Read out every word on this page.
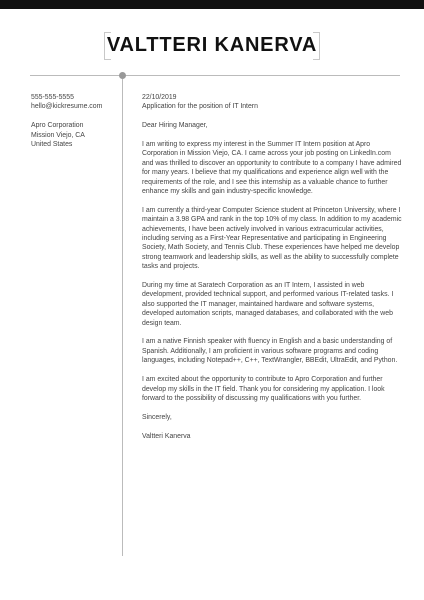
VALTTERI KANERVA
555-555-5555
hello@kickresume.com
Apro Corporation
Mission Viejo, CA
United States

22/10/2019

Application for the position of IT Intern

Dear Hiring Manager,

I am writing to express my interest in the Summer IT Intern position at Apro Corporation in Mission Viejo, CA. I came across your job posting on LinkedIn.com and was thrilled to discover an opportunity to contribute to a company I have admired for many years. I believe that my qualifications and experience align well with the requirements of the role, and I see this internship as a valuable chance to further enhance my skills and gain industry-specific knowledge.

I am currently a third-year Computer Science student at Princeton University, where I maintain a 3.98 GPA and rank in the top 10% of my class. In addition to my academic achievements, I have been actively involved in various extracurricular activities, including serving as a First-Year Representative and participating in Engineering Society, Math Society, and Tennis Club. These experiences have helped me develop strong teamwork and leadership skills, as well as the ability to successfully complete tasks and projects.

During my time at Saratech Corporation as an IT Intern, I assisted in web development, provided technical support, and performed various IT-related tasks. I also supported the IT manager, maintained hardware and software systems, developed automation scripts, managed databases, and collaborated with the web design team.

I am a native Finnish speaker with fluency in English and a basic understanding of Spanish. Additionally, I am proficient in various software programs and coding languages, including Notepad++, C++, TextWrangler, BBEdit, UltraEdit, and Python.

I am excited about the opportunity to contribute to Apro Corporation and further develop my skills in the IT field. Thank you for considering my application. I look forward to the possibility of discussing my qualifications with you further.

Sincerely,

Valtteri Kanerva
